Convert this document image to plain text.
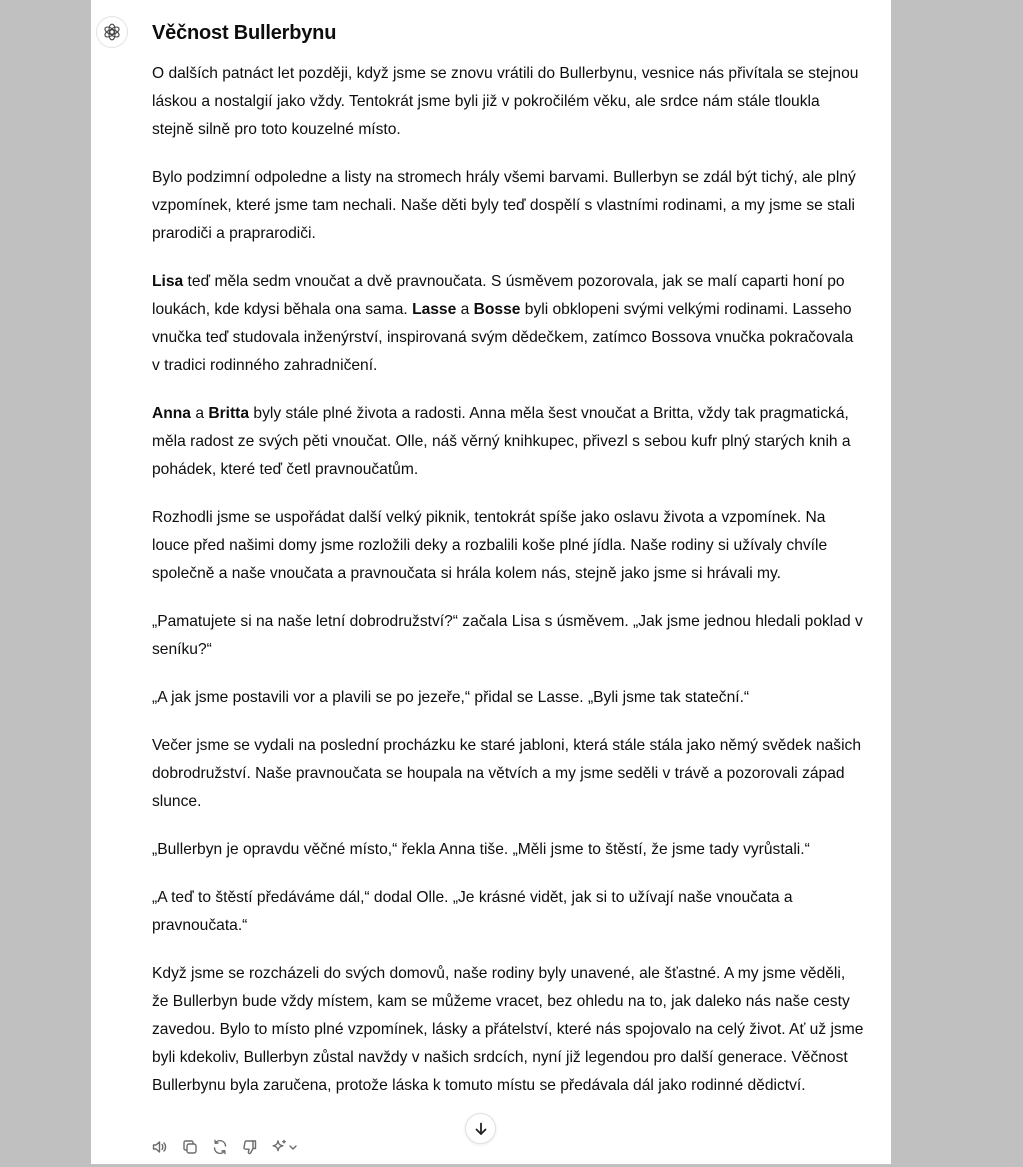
Věčnost Bullerbynu

O dalších patnáct let později, když jsme se znovu vrátili do Bullerbynu, vesnice nás přivítala se stejnou láskou a nostalgií jako vždy. Tentokrát jsme byli již v pokročilém věku, ale srdce nám stále tloukla stejně silně pro toto kouzelné místo.

Bylo podzimní odpoledne a listy na stromech hrály všemi barvami. Bullerbyn se zdál být tichý, ale plný vzpomínek, které jsme tam nechali. Naše děti byly teď dospělí s vlastními rodinami, a my jsme se stali prarodiči a praprarodiči.

Lisa teď měla sedm vnoučat a dvě pravnoučata. S úsměvem pozorovala, jak se malí caparti honí po loukách, kde kdysi běhala ona sama. Lasse a Bosse byli obklopeni svými velkými rodinami. Lasseho vnučka teď studovala inženýrství, inspirovaná svým dědečkem, zatímco Bossova vnučka pokračovala v tradici rodinného zahradničení.

Anna a Britta byly stále plné života a radosti. Anna měla šest vnoučat a Britta, vždy tak pragmatická, měla radost ze svých pěti vnoučat. Olle, náš věrný knihkupec, přivezl s sebou kufr plný starých knih a pohádek, které teď četl pravnoučatům.

Rozhodli jsme se uspořádat další velký piknik, tentokrát spíše jako oslavu života a vzpomínek. Na louce před našimi domy jsme rozložili deky a rozbalili koše plné jídla. Naše rodiny si užívaly chvíle společně a naše vnoučata a pravnoučata si hrála kolem nás, stejně jako jsme si hrávali my.

„Pamatujete si na naše letní dobrodružství?“ začala Lisa s úsměvem. „Jak jsme jednou hledali poklad v seníku?“

„A jak jsme postavili vor a plavili se po jezeře,“ přidal se Lasse. „Byli jsme tak stateční.“

Večer jsme se vydali na poslední procházku ke staré jabloni, která stále stála jako němý svědek našich dobrodružství. Naše pravnoučata se houpala na větvích a my jsme seděli v trávě a pozorovali západ slunce.

„Bullerbyn je opravdu věčné místo,“ řekla Anna tiše. „Měli jsme to štěstí, že jsme tady vyrůstali.“

„A teď to štěstí předáváme dál,“ dodal Olle. „Je krásné vidět, jak si to užívají naše vnoučata a pravnoučata.“

Když jsme se rozcházeli do svých domovů, naše rodiny byly unavené, ale šťastné. A my jsme věděli, že Bullerbyn bude vždy místem, kam se můžeme vracet, bez ohledu na to, jak daleko nás naše cesty zavedou. Bylo to místo plné vzpomínek, lásky a přátelství, které nás spojovalo na celý život. Ať už jsme byli kdekoliv, Bullerbyn zůstal navždy v našich srdcích, nyní již legendou pro další generace. Věčnost Bullerbynu byla zaručena, protože láska k tomuto místu se předávala dál jako rodinné dědictví.
